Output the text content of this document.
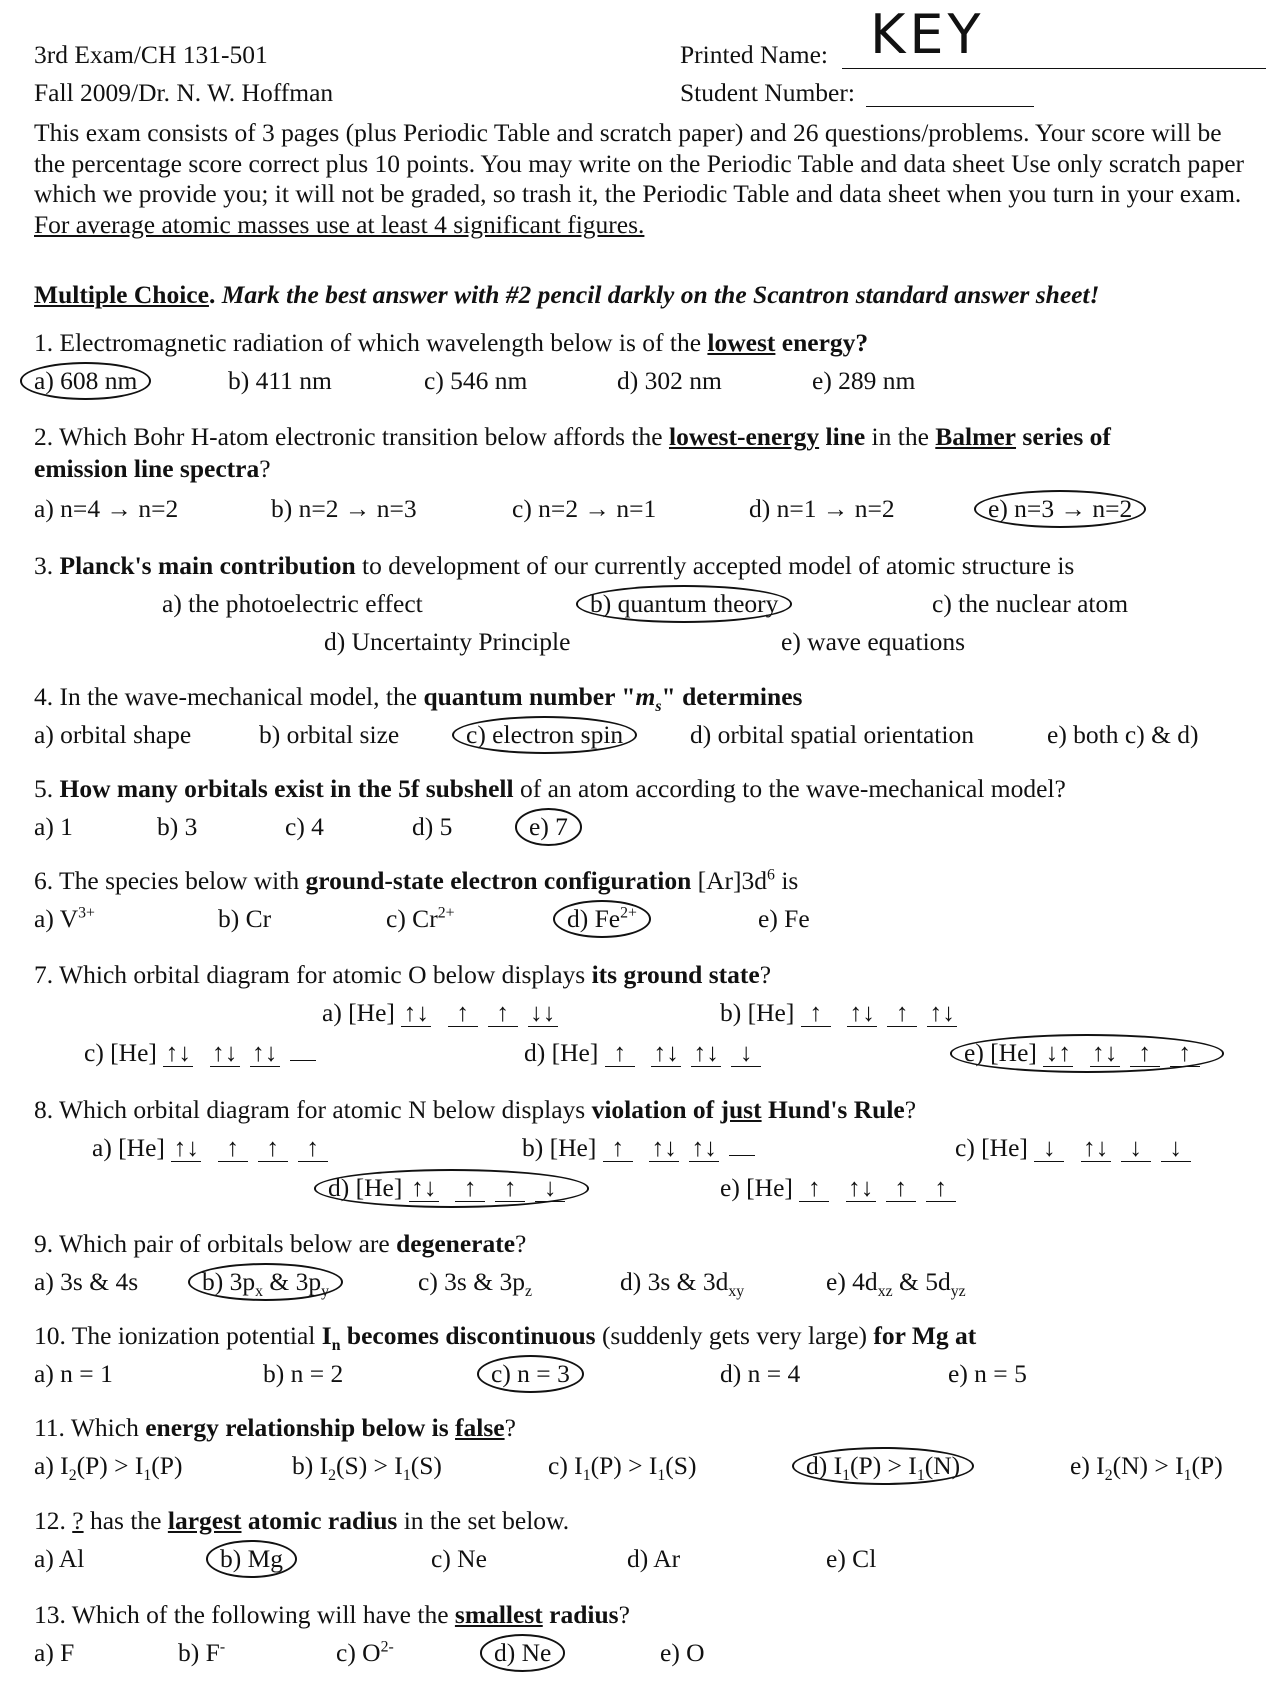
3rd Exam/CH 131-501
Fall 2009/Dr. N. W. Hoffman
Printed Name: KEY
Student Number:
This exam consists of 3 pages (plus Periodic Table and scratch paper) and 26 questions/problems. Your score will be the percentage score correct plus 10 points. You may write on the Periodic Table and data sheet Use only scratch paper which we provide you; it will not be graded, so trash it, the Periodic Table and data sheet when you turn in your exam. For average atomic masses use at least 4 significant figures.
Multiple Choice. Mark the best answer with #2 pencil darkly on the Scantron standard answer sheet!
1. Electromagnetic radiation of which wavelength below is of the lowest energy?
a) 608 nm	b) 411 nm	c) 546 nm	d) 302 nm	e) 289 nm
2. Which Bohr H-atom electronic transition below affords the lowest-energy line in the Balmer series of
emission line spectra?
a) n=4 → n=2	b) n=2 → n=3	c) n=2 → n=1	d) n=1 → n=2	e) n=3 → n=2
3. Planck's main contribution to development of our currently accepted model of atomic structure is
a) the photoelectric effect	b) quantum theory	c) the nuclear atom
d) Uncertainty Principle	e) wave equations
4. In the wave-mechanical model, the quantum number "$m_s$" determines
a) orbital shape	b) orbital size	c) electron spin	d) orbital spatial orientation	e) both c) & d)
5. How many orbitals exist in the 5f subshell of an atom according to the wave-mechanical model?
a) 1	b) 3	c) 4	d) 5	e) 7
6. The species below with ground-state electron configuration $[Ar]3d^6$ is
a) $V^{3+}$	b) Cr	c) $Cr^{2+}$	d) $Fe^{2+}$	e) Fe
7. Which orbital diagram for atomic O below displays its ground state?
a) [He] ↑↓ ↑ ↑ ↓↓	b) [He] ↑ ↑↓ ↑ ↑↓
c) [He] ↑↓ ↑↓ ↑↓	d) [He] ↑ ↑↓ ↑↓ ↓	e) [He] ↓↑ ↑↓ ↑ ↑
8. Which orbital diagram for atomic N below displays violation of just Hund's Rule?
a) [He] ↑↓ ↑ ↑ ↑	b) [He] ↑ ↑↓ ↑↓	c) [He] ↓ ↑↓ ↓ ↓
d) [He] ↑↓ ↑ ↑ ↓	e) [He] ↑ ↑↓ ↑ ↑
9. Which pair of orbitals below are degenerate?
a) 3s & 4s	b) $3p_x$ & $3p_y$	c) 3s & $3p_z$	d) 3s & $3d_{xy}$	e) $4d_{xz}$ & $5d_{yz}$
10. The ionization potential $I_n$ becomes discontinuous (suddenly gets very large) for Mg at
a) n = 1	b) n = 2	c) n = 3	d) n = 4	e) n = 5
11. Which energy relationship below is false?
a) $I_2(P) > I_1(P)$	b) $I_2(S) > I_1(S)$	c) $I_1(P) > I_1(S)$	d) $I_1(P) > I_1(N)$	e) $I_2(N) > I_1(P)$
12. ? has the largest atomic radius in the set below.
a) Al	b) Mg	c) Ne	d) Ar	e) Cl
13. Which of the following will have the smallest radius?
a) F	b) F-	c) $O^{2-}$	d) Ne	e) O
